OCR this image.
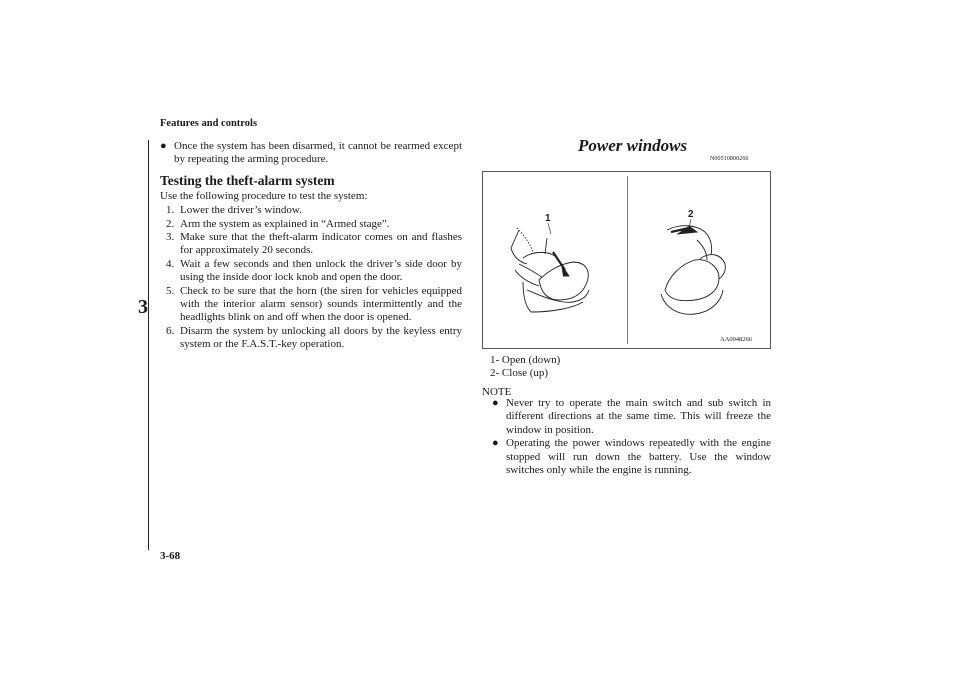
Features and controls
3
● Once the system has been disarmed, it cannot be rearmed except by repeating the arming procedure.
Testing the theft-alarm system
Use the following procedure to test the system:
1. Lower the driver’s window.
2. Arm the system as explained in “Armed stage”.
3. Make sure that the theft-alarm indicator comes on and flashes for approximately 20 seconds.
4. Wait a few seconds and then unlock the driver’s side door by using the inside door lock knob and open the door.
5. Check to be sure that the horn (the siren for vehicles equipped with the interior alarm sensor) sounds intermittently and the headlights blink on and off when the door is opened.
6. Disarm the system by unlocking all doors by the keyless entry system or the F.A.S.T.-key operation.
Power windows
N00510800266
1	2
AA0048266
1- Open (down)
2- Close (up)
NOTE
● Never try to operate the main switch and sub switch in different directions at the same time. This will freeze the window in position.
● Operating the power windows repeatedly with the engine stopped will run down the battery. Use the window switches only while the engine is running.
3-68
